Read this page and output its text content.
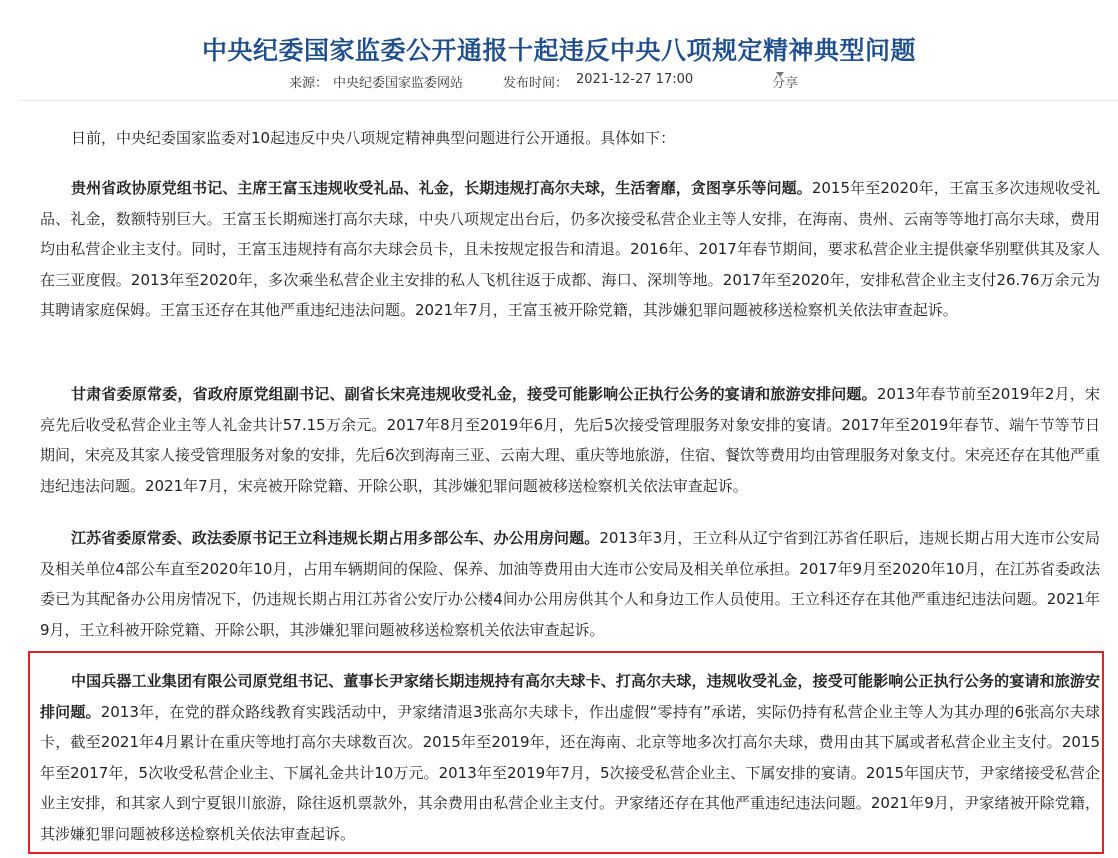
中央纪委国家监委公开通报十起违反中央八项规定精神典型问题
来源： 中央纪委国家监委网站	发布时间： 2021-12-27 17:00	分享

日前，中央纪委国家监委对10起违反中央八项规定精神典型问题进行公开通报。具体如下：

贵州省政协原党组书记、主席王富玉违规收受礼品、礼金，长期违规打高尔夫球，生活奢靡，贪图享乐等问题。2015年至2020年，王富玉多次违规收受礼品、礼金，数额特别巨大。王富玉长期痴迷打高尔夫球，中央八项规定出台后，仍多次接受私营企业主等人安排，在海南、贵州、云南等等地打高尔夫球，费用均由私营企业主支付。同时，王富玉违规持有高尔夫球会员卡，且未按规定报告和清退。2016年、2017年春节期间，要求私营企业主提供豪华别墅供其及家人在三亚度假。2013年至2020年，多次乘坐私营企业主安排的私人飞机往返于成都、海口、深圳等地。2017年至2020年，安排私营企业主支付26.76万余元为其聘请家庭保姆。王富玉还存在其他严重违纪违法问题。2021年7月，王富玉被开除党籍，其涉嫌犯罪问题被移送检察机关依法审查起诉。

甘肃省委原常委，省政府原党组副书记、副省长宋亮违规收受礼金，接受可能影响公正执行公务的宴请和旅游安排问题。2013年春节前至2019年2月，宋亮先后收受私营企业主等人礼金共计57.15万余元。2017年8月至2019年6月，先后5次接受管理服务对象安排的宴请。2017年至2019年春节、端午节等节日期间，宋亮及其家人接受管理服务对象的安排，先后6次到海南三亚、云南大理、重庆等地旅游，住宿、餐饮等费用均由管理服务对象支付。宋亮还存在其他严重违纪违法问题。2021年7月，宋亮被开除党籍、开除公职，其涉嫌犯罪问题被移送检察机关依法审查起诉。

江苏省委原常委、政法委原书记王立科违规长期占用多部公车、办公用房问题。2013年3月，王立科从辽宁省到江苏省任职后，违规长期占用大连市公安局及相关单位4部公车直至2020年10月，占用车辆期间的保险、保养、加油等费用由大连市公安局及相关单位承担。2017年9月至2020年10月，在江苏省委政法委已为其配备办公用房情况下，仍违规长期占用江苏省公安厅办公楼4间办公用房供其个人和身边工作人员使用。王立科还存在其他严重违纪违法问题。2021年9月，王立科被开除党籍、开除公职，其涉嫌犯罪问题被移送检察机关依法审查起诉。

中国兵器工业集团有限公司原党组书记、董事长尹家绪长期违规持有高尔夫球卡、打高尔夫球，违规收受礼金，接受可能影响公正执行公务的宴请和旅游安排问题。2013年，在党的群众路线教育实践活动中，尹家绪清退3张高尔夫球卡，作出虚假“零持有”承诺，实际仍持有私营企业主等人为其办理的6张高尔夫球卡，截至2021年4月累计在重庆等地打高尔夫球数百次。2015年至2019年，还在海南、北京等地多次打高尔夫球，费用由其下属或者私营企业主支付。2015年至2017年，5次收受私营企业主、下属礼金共计10万元。2013年至2019年7月，5次接受私营企业主、下属安排的宴请。2015年国庆节，尹家绪接受私营企业主安排，和其家人到宁夏银川旅游，除往返机票款外，其余费用由私营企业主支付。尹家绪还存在其他严重违纪违法问题。2021年9月，尹家绪被开除党籍，其涉嫌犯罪问题被移送检察机关依法审查起诉。
